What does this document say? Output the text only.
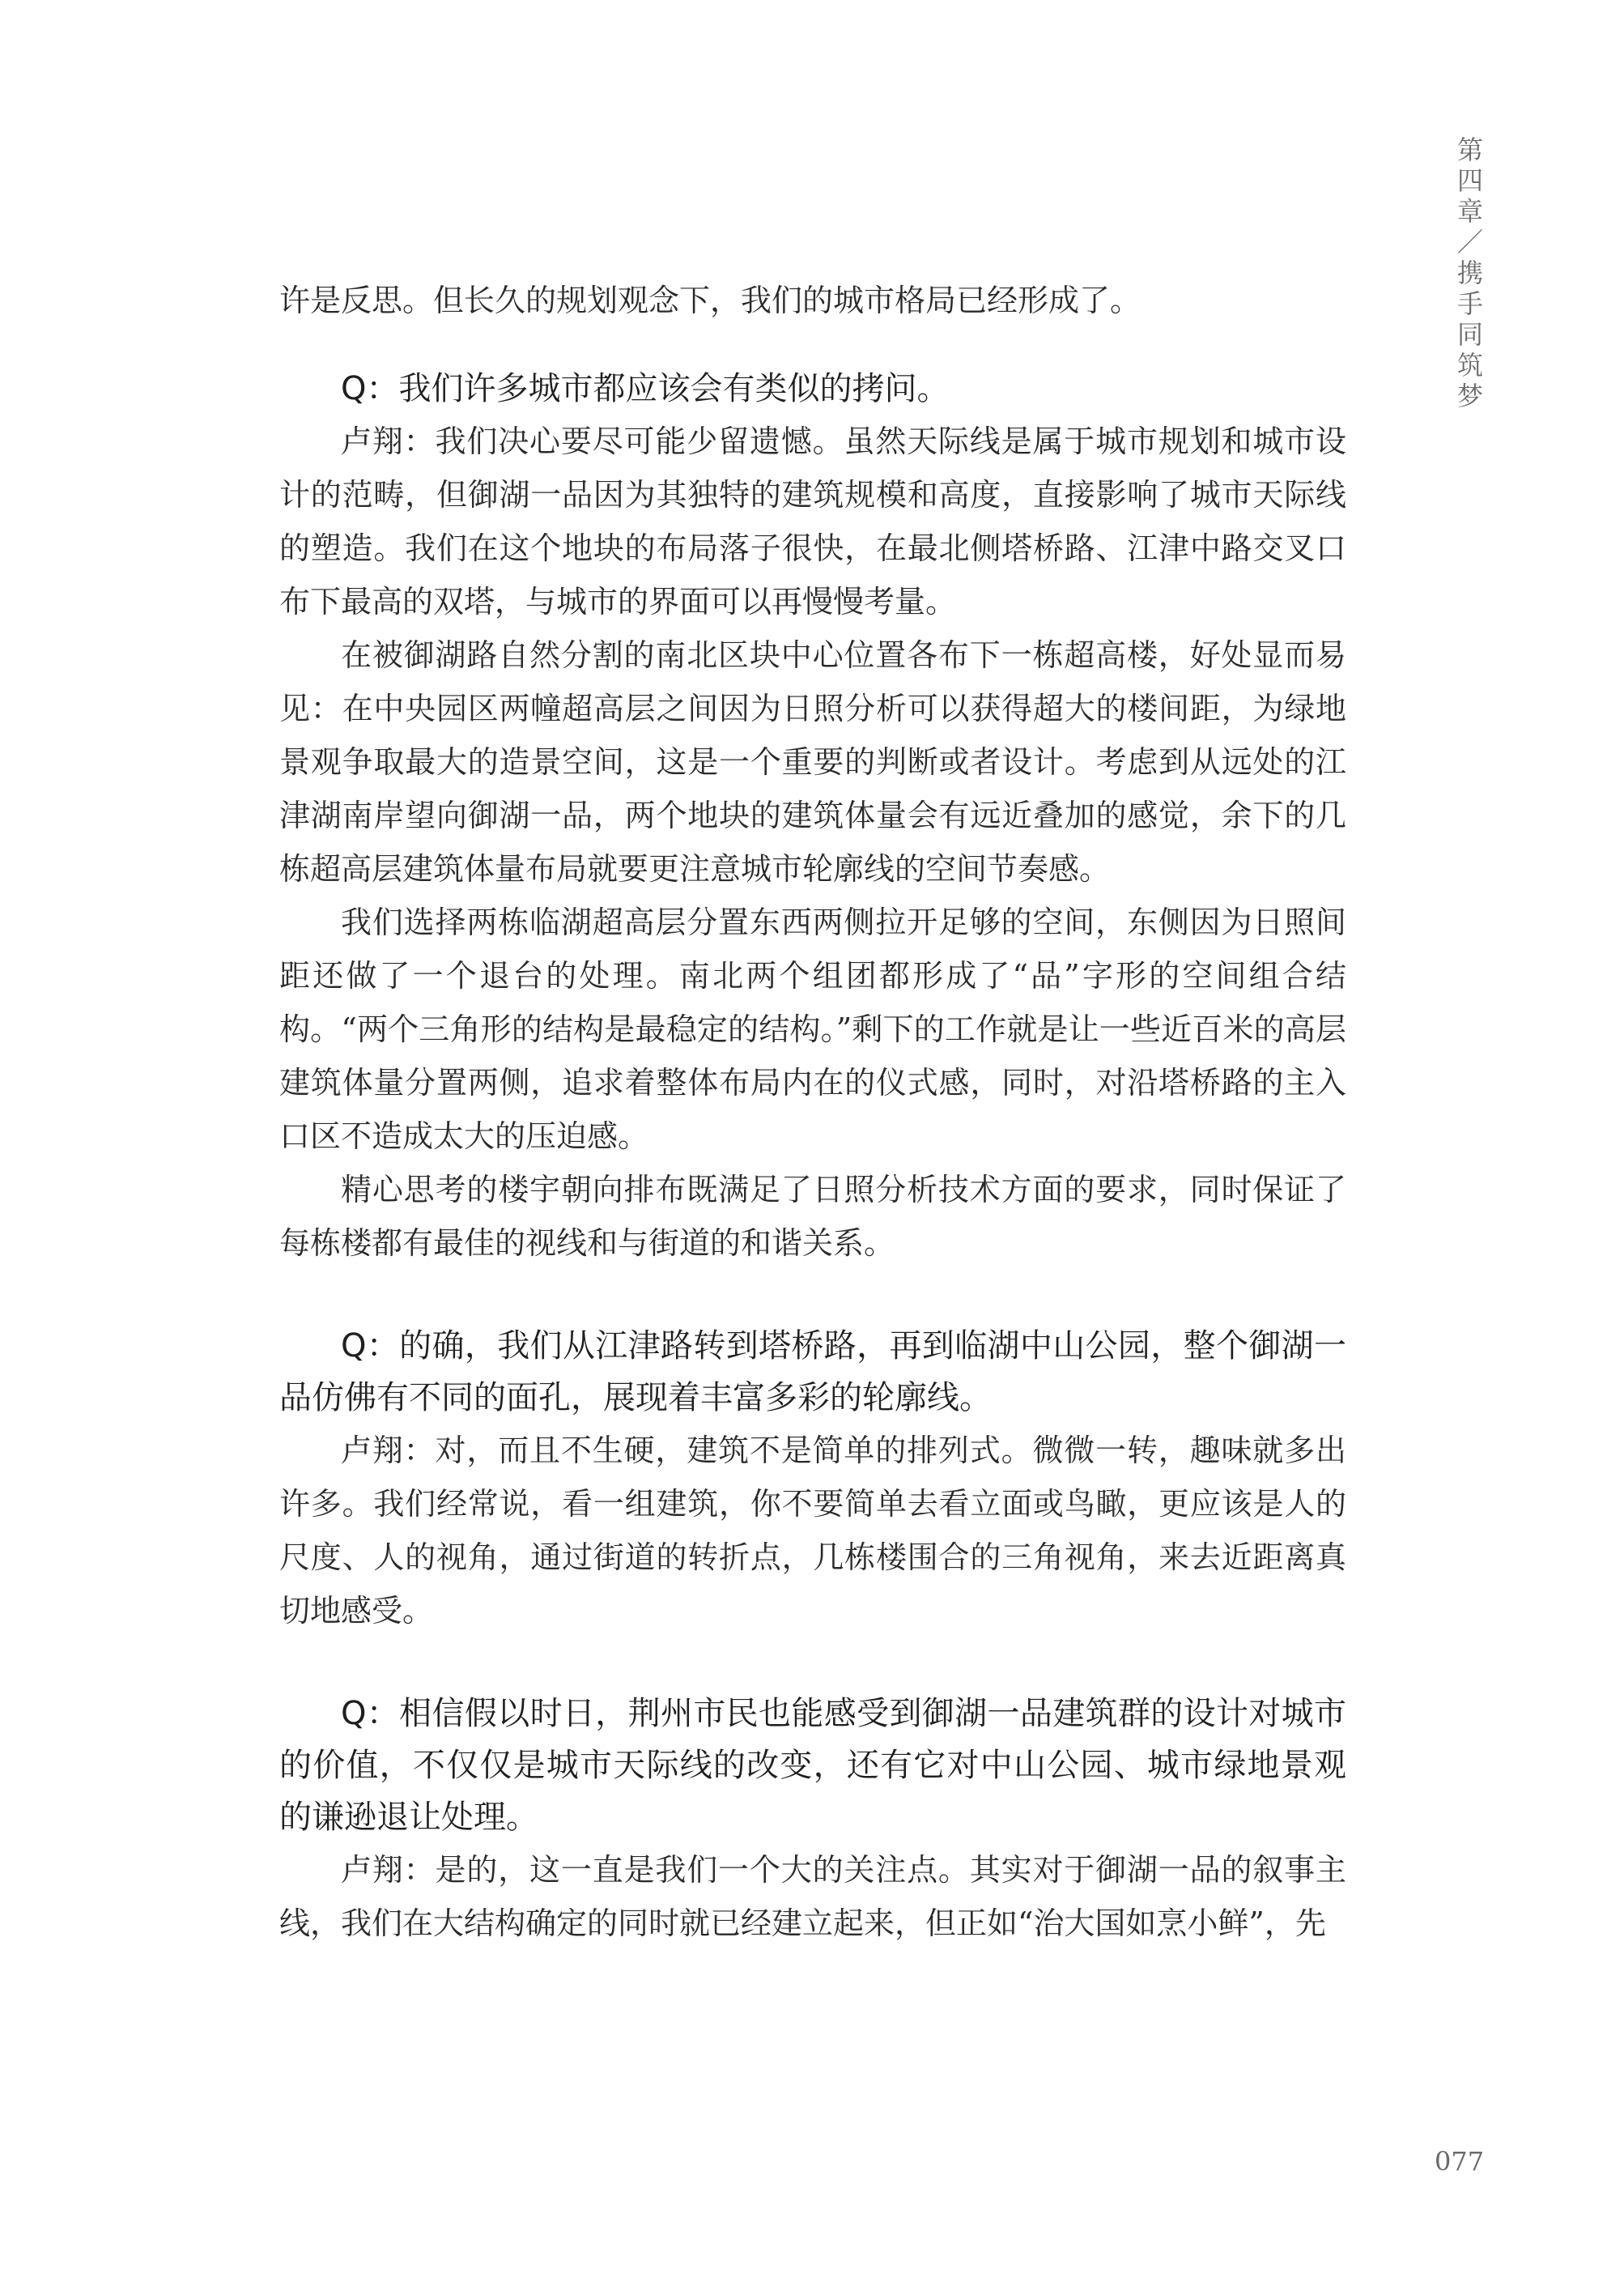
第四章／携手同筑梦

许是反思。但长久的规划观念下，我们的城市格局已经形成了。

Q：我们许多城市都应该会有类似的拷问。

卢翔：我们决心要尽可能少留遗憾。虽然天际线是属于城市规划和城市设计的范畴，但御湖一品因为其独特的建筑规模和高度，直接影响了城市天际线的塑造。我们在这个地块的布局落子很快，在最北侧塔桥路、江津中路交叉口布下最高的双塔，与城市的界面可以再慢慢考量。

在被御湖路自然分割的南北区块中心位置各布下一栋超高楼，好处显而易见：在中央园区两幢超高层之间因为日照分析可以获得超大的楼间距，为绿地景观争取最大的造景空间，这是一个重要的判断或者设计。考虑到从远处的江津湖南岸望向御湖一品，两个地块的建筑体量会有远近叠加的感觉，余下的几栋超高层建筑体量布局就要更注意城市轮廓线的空间节奏感。

我们选择两栋临湖超高层分置东西两侧拉开足够的空间，东侧因为日照间距还做了一个退台的处理。南北两个组团都形成了“品”字形的空间组合结构。“两个三角形的结构是最稳定的结构。”剩下的工作就是让一些近百米的高层建筑体量分置两侧，追求着整体布局内在的仪式感，同时，对沿塔桥路的主入口区不造成太大的压迫感。

精心思考的楼宇朝向排布既满足了日照分析技术方面的要求，同时保证了每栋楼都有最佳的视线和与街道的和谐关系。

Q：的确，我们从江津路转到塔桥路，再到临湖中山公园，整个御湖一品仿佛有不同的面孔，展现着丰富多彩的轮廓线。

卢翔：对，而且不生硬，建筑不是简单的排列式。微微一转，趣味就多出许多。我们经常说，看一组建筑，你不要简单去看立面或鸟瞰，更应该是人的尺度、人的视角，通过街道的转折点，几栋楼围合的三角视角，来去近距离真切地感受。

Q：相信假以时日，荆州市民也能感受到御湖一品建筑群的设计对城市的价值，不仅仅是城市天际线的改变，还有它对中山公园、城市绿地景观的谦逊退让处理。

卢翔：是的，这一直是我们一个大的关注点。其实对于御湖一品的叙事主线，我们在大结构确定的同时就已经建立起来，但正如“治大国如烹小鲜”，先

077
